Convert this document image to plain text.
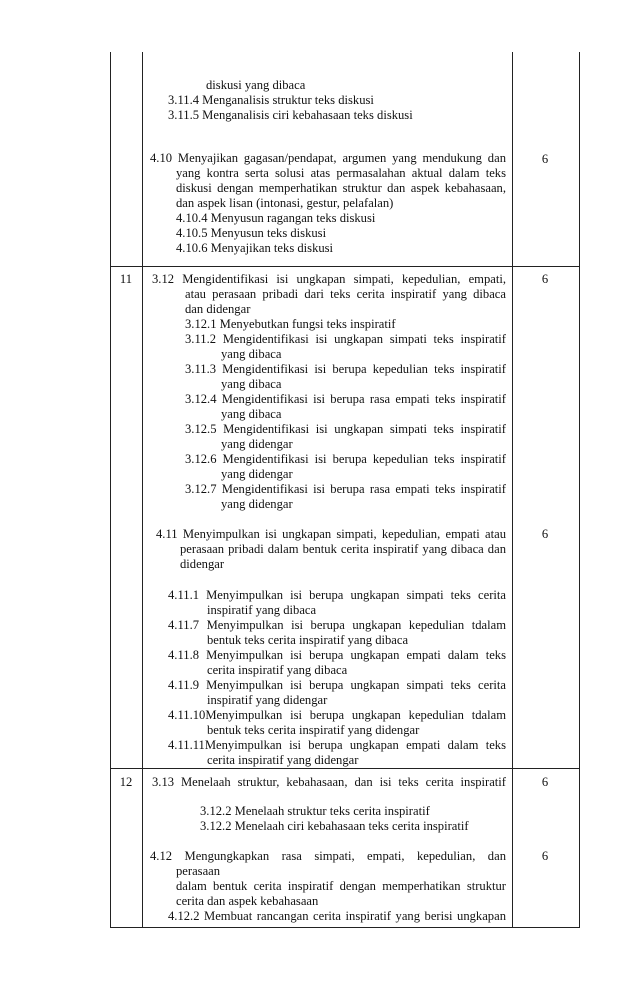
diskusi yang dibaca
3.11.4 Menganalisis struktur teks diskusi
3.11.5 Menganalisis ciri kebahasaan teks diskusi
6
4.10 Menyajikan gagasan/pendapat, argumen yang mendukung dan
yang kontra serta solusi atas permasalahan aktual dalam teks
diskusi dengan memperhatikan struktur dan aspek kebahasaan,
dan aspek lisan (intonasi, gestur, pelafalan)
4.10.4 Menyusun ragangan teks diskusi
4.10.5 Menyusun teks diskusi
4.10.6 Menyajikan teks diskusi
11	6
3.12 Mengidentifikasi isi ungkapan simpati, kepedulian, empati,
atau perasaan pribadi dari teks cerita inspiratif yang dibaca
dan didengar
3.12.1 Menyebutkan fungsi teks inspiratif
3.11.2 Mengidentifikasi isi ungkapan simpati teks inspiratif
yang dibaca
3.11.3 Mengidentifikasi isi berupa kepedulian teks inspiratif
yang dibaca
3.12.4 Mengidentifikasi isi berupa rasa empati teks inspiratif
yang dibaca
3.12.5 Mengidentifikasi isi ungkapan simpati teks inspiratif
yang didengar
3.12.6 Mengidentifikasi isi berupa kepedulian teks inspiratif
yang didengar
3.12.7 Mengidentifikasi isi berupa rasa empati teks inspiratif
yang didengar
6
4.11 Menyimpulkan isi ungkapan simpati, kepedulian, empati atau
perasaan pribadi dalam bentuk cerita inspiratif yang dibaca dan
didengar
4.11.1 Menyimpulkan isi berupa ungkapan simpati teks cerita
inspiratif yang dibaca
4.11.7 Menyimpulkan isi berupa ungkapan kepedulian tdalam
bentuk teks cerita inspiratif yang dibaca
4.11.8 Menyimpulkan isi berupa ungkapan empati dalam teks
cerita inspiratif yang dibaca
4.11.9 Menyimpulkan isi berupa ungkapan simpati teks cerita
inspiratif yang didengar
4.11.10Menyimpulkan isi berupa ungkapan kepedulian tdalam
bentuk teks cerita inspiratif yang didengar
4.11.11Menyimpulkan isi berupa ungkapan empati dalam teks
cerita inspiratif yang didengar
12	6
3.13 Menelaah struktur, kebahasaan, dan isi teks cerita inspiratif
3.12.2 Menelaah struktur teks cerita inspiratif
3.12.2 Menelaah ciri kebahasaan teks cerita inspiratif
6
4.12 Mengungkapkan rasa simpati, empati, kepedulian, dan
perasaan
dalam bentuk cerita inspiratif dengan memperhatikan struktur
cerita dan aspek kebahasaan
4.12.2 Membuat rancangan cerita inspiratif yang berisi ungkapan
